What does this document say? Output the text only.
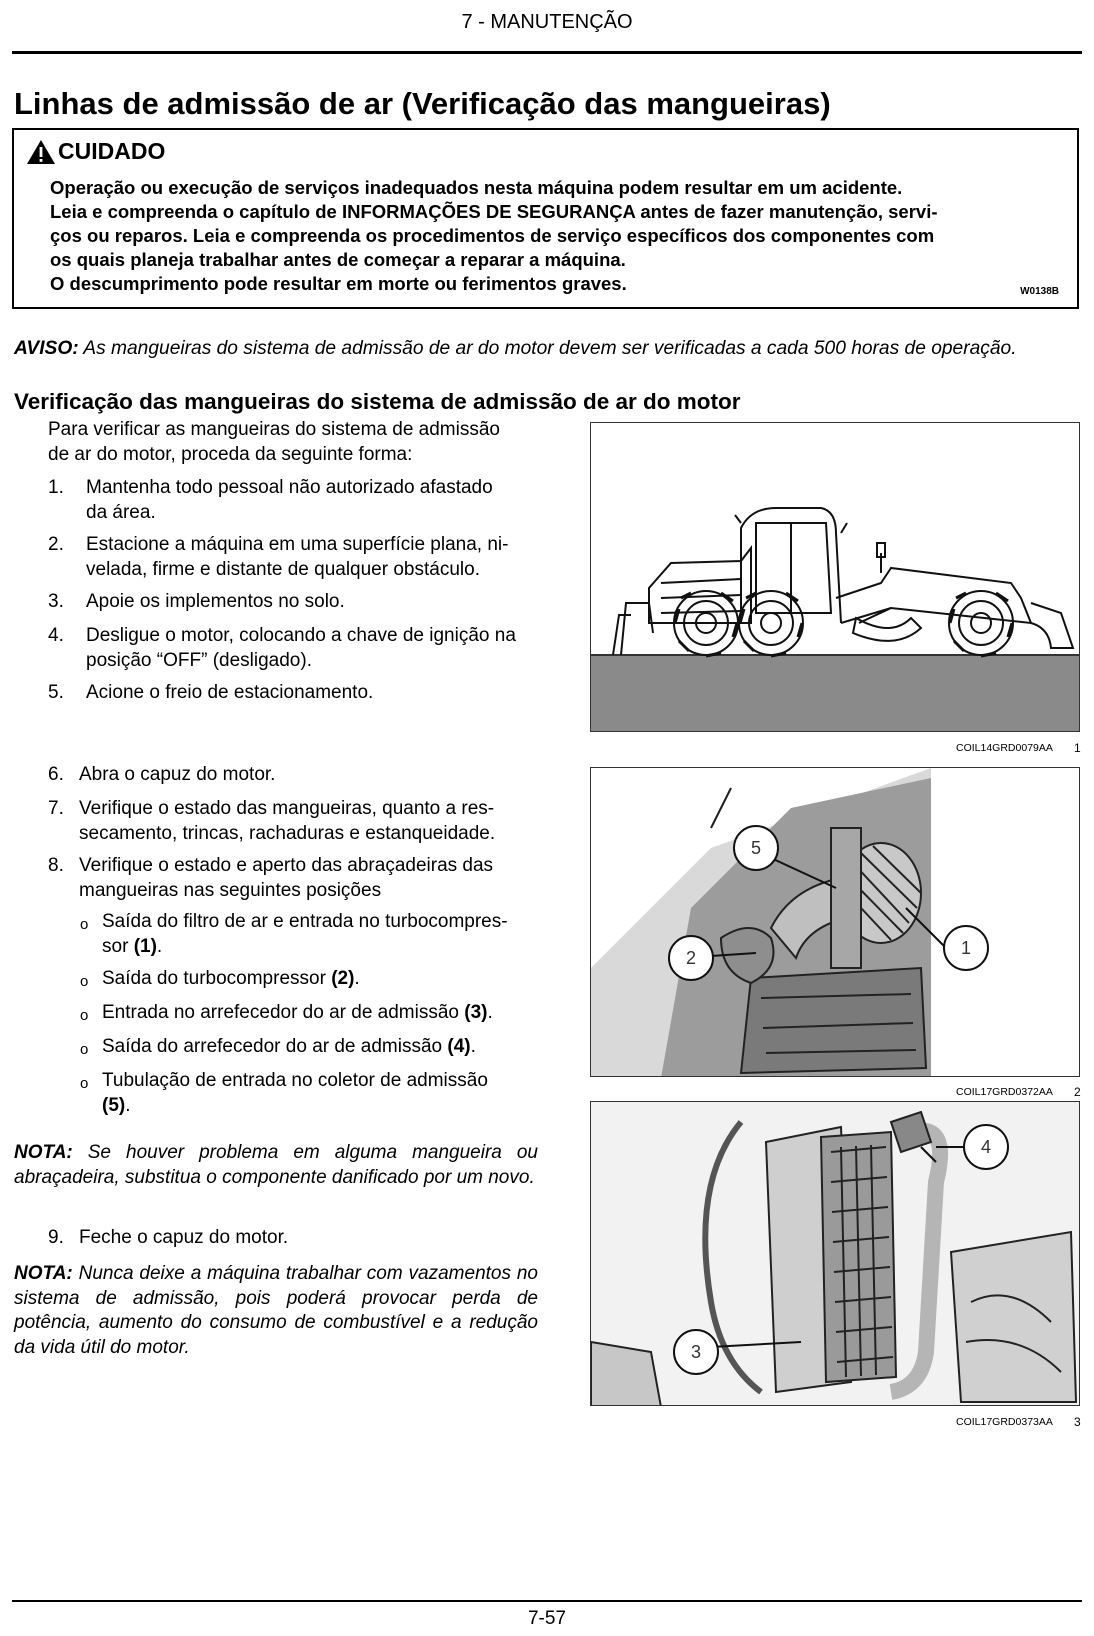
7 - MANUTENÇÃO
Linhas de admissão de ar (Verificação das mangueiras)
CUIDADO

Operação ou execução de serviços inadequados nesta máquina podem resultar em um acidente.

Leia e compreenda o capítulo de INFORMAÇÕES DE SEGURANÇA antes de fazer manutenção, servi-

ços ou reparos. Leia e compreenda os procedimentos de serviço específicos dos componentes com

os quais planeja trabalhar antes de começar a reparar a máquina.

O descumprimento pode resultar em morte ou ferimentos graves.	W0138B
AVISO: As mangueiras do sistema de admissão de ar do motor devem ser verificadas a cada 500 horas de operação.
Verificação das mangueiras do sistema de admissão de ar do motor

Para verificar as mangueiras do sistema de admissão

de ar do motor, proceda da seguinte forma:

1. Mantenha todo pessoal não autorizado afastado

da área.

2. Estacione a máquina em uma superfície plana, ni-

velada, firme e distante de qualquer obstáculo.

3. Apoie os implementos no solo.

4. Desligue o motor, colocando a chave de ignição na

posição “OFF” (desligado).

5. Acione o freio de estacionamento.

6. Abra o capuz do motor.

7. Verifique o estado das mangueiras, quanto a res-

secamento, trincas, rachaduras e estanqueidade.

8. Verifique o estado e aperto das abraçadeiras das

mangueiras nas seguintes posições

o Saída do filtro de ar e entrada no turbocompres-

sor (1).

o Saída do turbocompressor (2).

o Entrada no arrefecedor do ar de admissão (3).

o Saída do arrefecedor do ar de admissão (4).

o Tubulação de entrada no coletor de admissão

(5).

NOTA: Se houver problema em alguma mangueira ou abraçadeira, substitua o componente danificado por um novo.
9. Feche o capuz do motor.

NOTA: Nunca deixe a máquina trabalhar com vazamentos no sistema de admissão, pois poderá provocar perda de potência, aumento do consumo de combustível e a redução da vida útil do motor.
COIL14GRD0079AA 1
5
2	1
COIL17GRD0372AA 2
4
3
COIL17GRD0373AA 3
7-57
